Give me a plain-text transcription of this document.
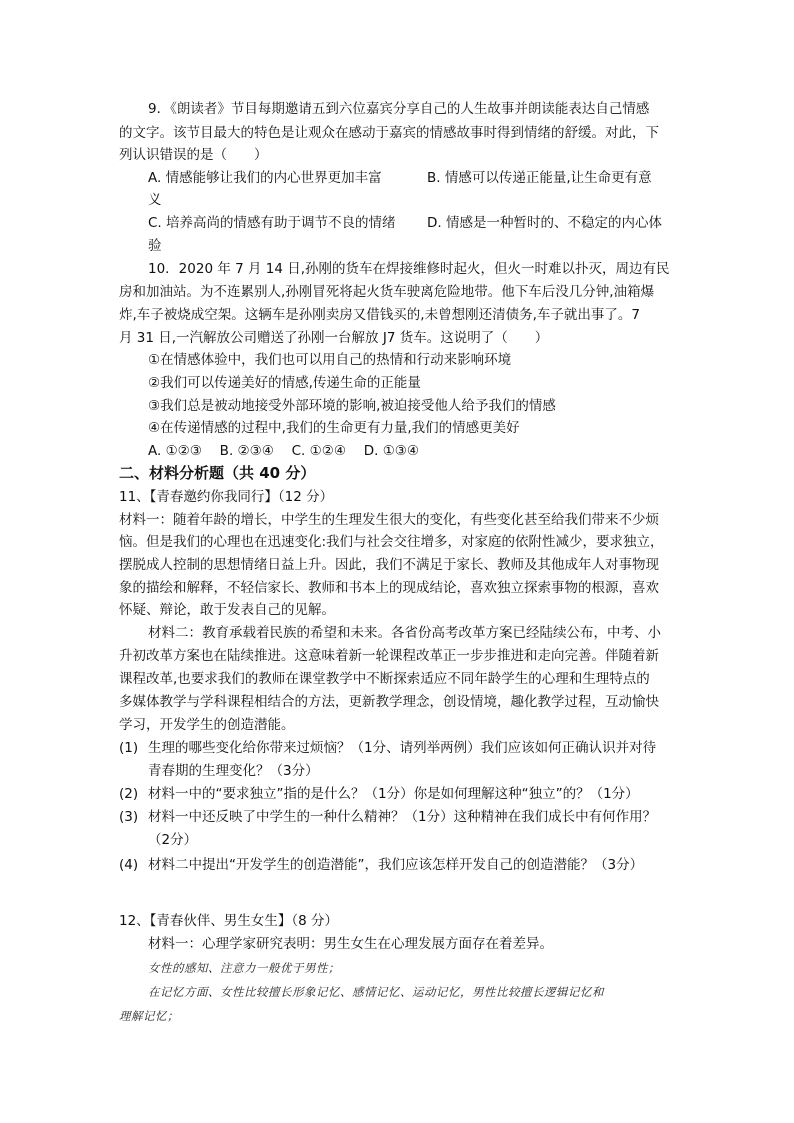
9．《朗读者》节目每期邀请五到六位嘉宾分享自己的人生故事并朗读能表达自己情感
的文字。该节目最大的特色是让观众在感动于嘉宾的情感故事时得到情绪的舒缓。对此，下
列认识错误的是（　　）
A. 情感能够让我们的内心世界更加丰富	B. 情感可以传递正能量,让生命更有意
义
C. 培养高尚的情感有助于调节不良的情绪 D. 情感是一种暂时的、不稳定的内心体
验
10．2020 年 7 月 14 日,孙刚的货车在焊接维修时起火，但火一时难以扑灭，周边有民
房和加油站。为不连累别人,孙刚冒死将起火货车驶离危险地带。他下车后没几分钟,油箱爆
炸,车子被烧成空架。这辆车是孙刚卖房又借钱买的,未曾想刚还清债务,车子就出事了。7
月 31 日,一汽解放公司赠送了孙刚一台解放 J7 货车。这说明了（　　）
①在情感体验中，我们也可以用自己的热情和行动来影响环境
②我们可以传递美好的情感,传递生命的正能量
③我们总是被动地接受外部环境的影响,被迫接受他人给予我们的情感
④在传递情感的过程中,我们的生命更有力量,我们的情感更美好
A. ①②③　 B. ②③④　 C. ①②④　 D. ①③④
二、材料分析题（共 40 分）
11、【青春邀约你我同行】（12 分）
材料一：随着年龄的增长，中学生的生理发生很大的变化，有些变化甚至给我们带来不少烦
恼。但是我们的心理也在迅速变化:我们与社会交往增多，对家庭的依附性减少，要求独立，
摆脱成人控制的思想情绪日益上升。因此，我们不满足于家长、教师及其他成年人对事物现
象的描绘和解释，不轻信家长、教师和书本上的现成结论，喜欢独立探索事物的根源，喜欢
怀疑、辩论，敢于发表自己的见解。
材料二：教育承载着民族的希望和未来。各省份高考改革方案已经陆续公布，中考、小
升初改革方案也在陆续推进。这意味着新一轮课程改革正一步步推进和走向完善。伴随着新
课程改革,也要求我们的教师在课堂教学中不断探索适应不同年龄学生的心理和生理特点的
多媒体教学与学科课程相结合的方法，更新教学理念，创设情境，趣化教学过程，互动愉快
学习，开发学生的创造潜能。
(1) 生理的哪些变化给你带来过烦恼？（1分、请列举两例）我们应该如何正确认识并对待
青春期的生理变化？（3分）
(2) 材料一中的“要求独立”指的是什么？（1分）你是如何理解这种“独立”的？（1分）
(3) 材料一中还反映了中学生的一种什么精神？（1分）这种精神在我们成长中有何作用？
（2分）
(4) 材料二中提出“开发学生的创造潜能”，我们应该怎样开发自己的创造潜能？（3分）
12、【青春伙伴、男生女生】（8 分）
材料一：心理学家研究表明：男生女生在心理发展方面存在着差异。
女性的感知、注意力一般优于男性；
在记忆方面、女性比较擅长形象记忆、感情记忆、运动记忆，男性比较擅长逻辑记忆和
理解记忆；
